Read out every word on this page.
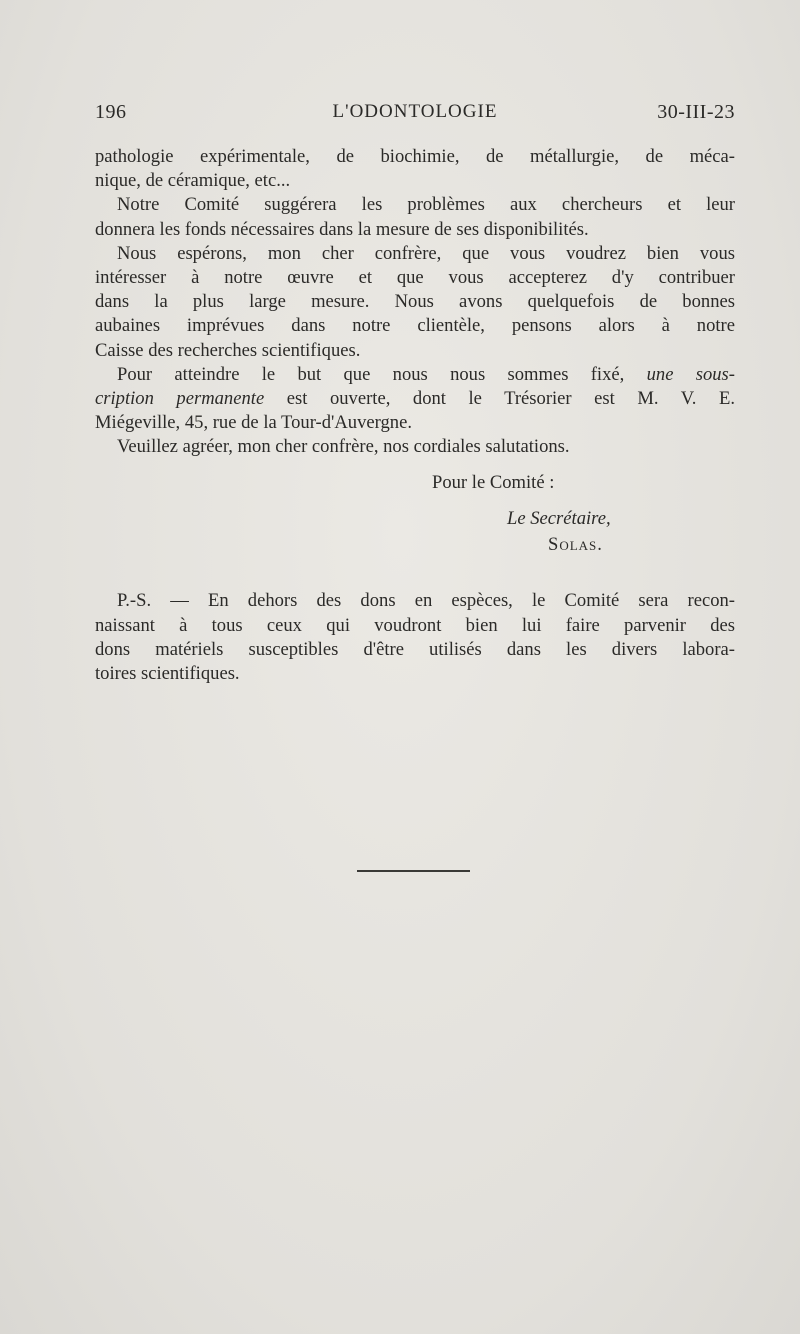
196	L'ODONTOLOGIE	30-III-23
pathologie expérimentale, de biochimie, de métallurgie, de méca-
nique, de céramique, etc...
Notre Comité suggérera les problèmes aux chercheurs et leur
donnera les fonds nécessaires dans la mesure de ses disponibilités.
Nous espérons, mon cher confrère, que vous voudrez bien vous
intéresser à notre œuvre et que vous accepterez d'y contribuer
dans la plus large mesure. Nous avons quelquefois de bonnes
aubaines imprévues dans notre clientèle, pensons alors à notre
Caisse des recherches scientifiques.
Pour atteindre le but que nous nous sommes fixé, une sous-
cription permanente est ouverte, dont le Trésorier est M. V. E.
Miégeville, 45, rue de la Tour-d'Auvergne.
Veuillez agréer, mon cher confrère, nos cordiales salutations.
Pour le Comité :
Le Secrétaire,
Solas.
P.-S. — En dehors des dons en espèces, le Comité sera recon-
naissant à tous ceux qui voudront bien lui faire parvenir des
dons matériels susceptibles d'être utilisés dans les divers labora-
toires scientifiques.
